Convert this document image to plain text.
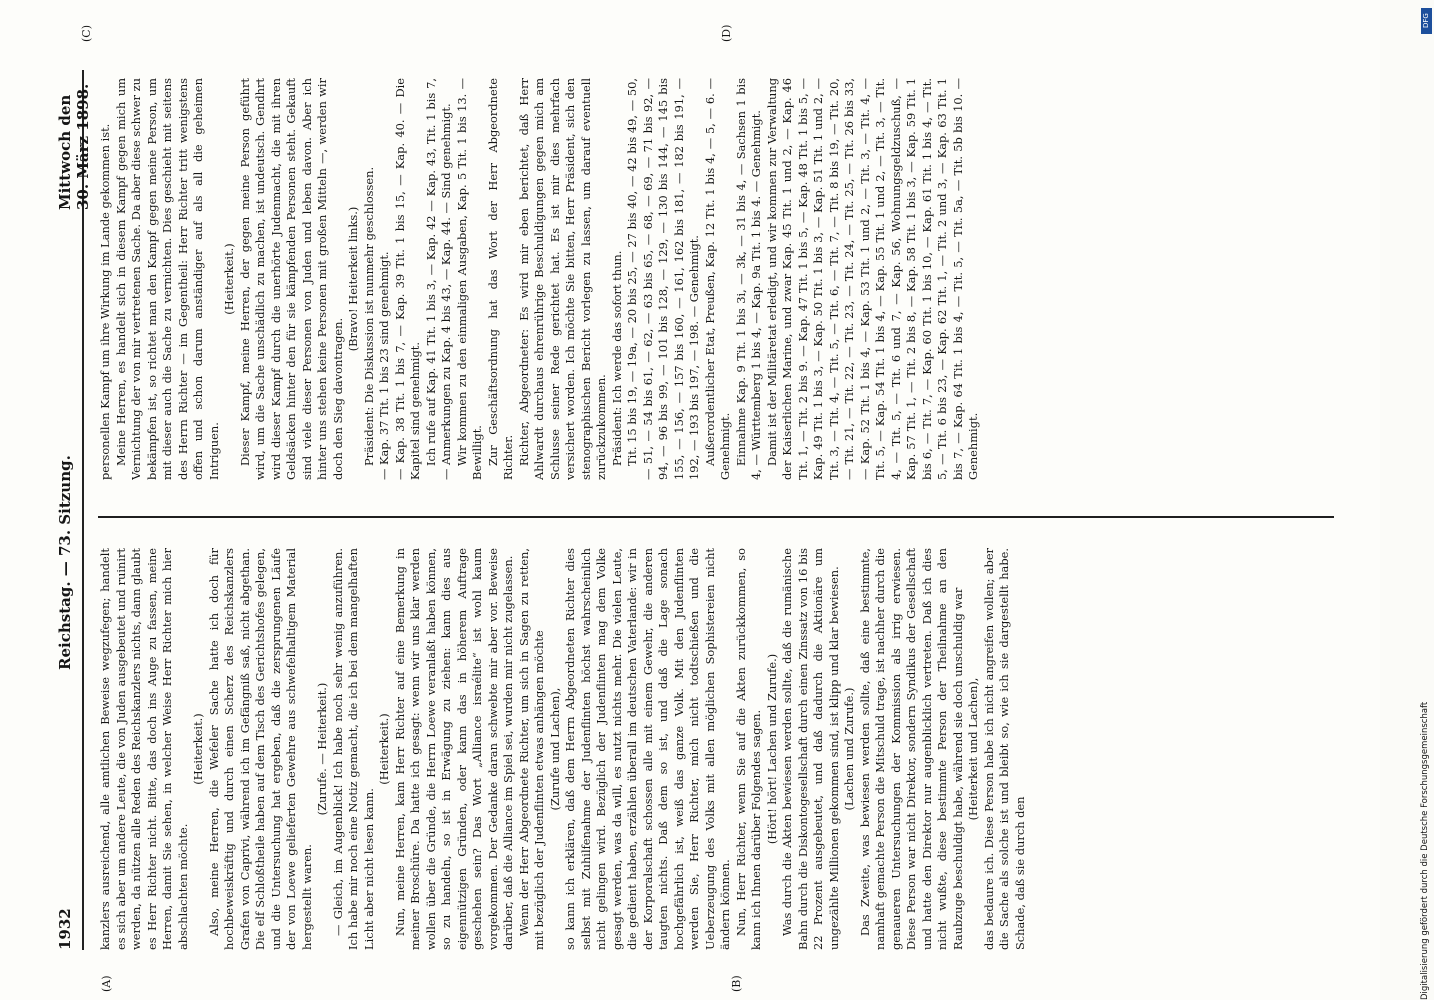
1932
Reichstag. — 73. Sitzung.
Mittwoch den 30. März 1898.
(A)	(B)
(C)	(D)

kanzlers ausreichend, alle amtlichen Beweise wegzufegen; handelt es sich aber um andere Leute, die von Juden ausgebeutet und ruinirt werden, da nützen alle Reden des Reichskanzlers nichts, dann glaubt es Herr Richter nicht. Bitte, das doch ins Auge zu fassen, meine Herren, damit Sie sehen, in welcher Weise Herr Richter mich hier abschlachten möchte.

(Heiterkeit.) Also, meine Herren, die Wefeler Sache hatte ich doch für hochbeweiskräftig und durch einen Scherz des Reichskanzlers Grafen von Caprivi, während ich im Gefängniß saß, nicht abgethan. Die elf Schloßtheile haben auf dem Tisch des Gerichtshofes gelegen, und die Untersuchung hat ergeben, daß die zersprungenen Läufe der von Loewe gelieferten Gewehre aus schwefelhaltigem Material hergestellt waren.

(Zurufe. — Heiterkeit.) — Gleich, im Augenblick! Ich habe noch sehr wenig anzuführen. Ich habe mir noch eine Notiz gemacht, die ich bei dem mangelhaften Licht aber nicht lesen kann.

(Heiterkeit.) Nun, meine Herren, kam Herr Richter auf eine Bemerkung in meiner Broschüre. Da hatte ich gesagt: wenn wir uns klar werden wollen über die Gründe, die Herrn Loewe veranlaßt haben können, so zu handeln, so ist in Erwägung zu ziehen: kann dies aus eigennützigen Gründen, oder kann das in höherem Auftrage geschehen sein? Das Wort „Alliance israélite“ ist wohl kaum vorgekommen. Der Gedanke daran schwebte mir aber vor. Beweise darüber, daß die Alliance im Spiel sei, wurden mir nicht zugelassen. Wenn der Herr Abgeordnete Richter, um sich in Sagen zu retten, mit bezüglich der Judenflinten etwas anhängen möchte (Zurufe und Lachen), so kann ich erklären, daß dem Herrn Abgeordneten Richter dies selbst mit Zuhilfenahme der Judenflinten höchst wahrscheinlich nicht gelingen wird. Bezüglich der Judenflinten mag dem Volke gesagt werden, was da will, es nutzt nichts mehr. Die vielen Leute, die gedient haben, erzählen überall im deutschen Vaterlande: wir in der Korporalschaft schossen alle mit einem Gewehr, die anderen taugten nichts. Daß dem so ist, und daß die Lage sonach hochgefährlich ist, weiß das ganze Volk. Mit den Judenflinten werden Sie, Herr Richter, mich nicht todtschießen und die Ueberzeugung des Volks mit allen möglichen Sophistereien nicht ändern können. Nun, Herr Richter, wenn Sie auf die Akten zurückkommen, so kann ich Ihnen darüber Folgendes sagen. (Hört! hört! Lachen und Zurufe.) Was durch die Akten bewiesen werden sollte, daß die rumänische Bahn durch die Diskontogesellschaft durch einen Zinssatz von 16 bis 22 Prozent ausgebeutet, und daß dadurch die Aktionäre um ungezählte Millionen gekommen sind, ist klipp und klar bewiesen. (Lachen und Zurufe.) Das Zweite, was bewiesen werden sollte, daß eine bestimmte, namhaft gemachte Person die Mitschuld trage, ist nachher durch die genaueren Untersuchungen der Kommission als irrig erwiesen. Diese Person war nicht Direktor, sondern Syndikus der Gesellschaft und hatte den Direktor nur augenblicklich vertreten. Daß ich dies nicht wußte, diese bestimmte Person der Theilnahme an den Raubzuge beschuldigt habe, während sie doch unschuldig war (Heiterkeit und Lachen), das bedaure ich. Diese Person habe ich nicht angreifen wollen; aber die Sache als solche ist und bleibt so, wie ich sie dargestellt habe. Schade, daß sie durch den

personellen Kampf um ihre Wirkung im Lande gekommen ist. Meine Herren, es handelt sich in diesem Kampf gegen mich um Vernichtung der von mir vertretenen Sache. Da aber diese schwer zu bekämpfen ist, so richtet man den Kampf gegen meine Person, um mit dieser auch die Sache zu vernichten. Dies geschieht mit seitens des Herrn Richter — im Gegentheil: Herr Richter tritt wenigstens offen und schon darum anständiger auf als all die geheimen Intriguen.

(Heiterkeit.) Dieser Kampf, meine Herren, der gegen meine Person geführt wird, um die Sache unschädlich zu machen, ist undeutsch. Gendhrt wird dieser Kampf durch die unerhörte Judenmacht, die mit ihren Geldsäcken hinter den für sie kämpfenden Personen steht. Gekauft sind viele dieser Personen von Juden und leben davon. Aber ich hinter uns stehen keine Personen mit großen Mitteln —, werden wir doch den Sieg davontragen.

(Bravo! Heiterkeit links.) Präsident: Die Diskussion ist nunmehr geschlossen. — Kap. 37 Tit. 1 bis 23 sind genehmigt. — Kap. 38 Tit. 1 bis 7, — Kap. 39 Tit. 1 bis 15, — Kap. 40. — Die Kapitel sind genehmigt. Ich rufe auf Kap. 41 Tit. 1 bis 3, — Kap. 42 — Kap. 43, Tit. 1 bis 7, — Anmerkungen zu Kap. 4 bis 43, — Kap. 44. — Sind genehmigt. Wir kommen zu den einmaligen Ausgaben, Kap. 5 Tit. 1 bis 13. — Bewilligt. Zur Geschäftsordnung hat das Wort der Herr Abgeordnete Richter. Richter, Abgeordneter: Es wird mir eben berichtet, daß Herr Ahlwardt durchaus ehrenrührige Beschuldigungen gegen mich am Schlusse seiner Rede gerichtet hat. Es ist mir dies mehrfach versichert worden. Ich möchte Sie bitten, Herr Präsident, sich den stenographischen Bericht vorlegen zu lassen, um darauf eventuell zurückzukommen. Präsident: Ich werde das sofort thun. Tit. 15 bis 19, — 19a, — 20 bis 25, — 27 bis 40, — 42 bis 49, — 50, — 51, — 54 bis 61, — 62, — 63 bis 65, — 68, — 69, — 71 bis 92, — 94, — 96 bis 99, — 101 bis 128, — 129, — 130 bis 144, — 145 bis 155, — 156, — 157 bis 160, — 161, 162 bis 181, — 182 bis 191, — 192, — 193 bis 197, — 198. — Genehmigt. Außerordentlicher Etat, Preußen, Kap. 12 Tit. 1 bis 4, — 5, — 6. — Genehmigt. Einnahme Kap. 9 Tit. 1 bis 3i, — 3k, — 31 bis 4, — Sachsen 1 bis 4, — Württemberg 1 bis 4, — Kap. 9a Tit. 1 bis 4. — Genehmigt. Damit ist der Militäretat erledigt, und wir kommen zur Verwaltung der Kaiserlichen Marine, und zwar Kap. 45 Tit. 1 und 2, — Kap. 46 Tit. 1, — Tit. 2 bis 9. — Kap. 47 Tit. 1 bis 5, — Kap. 48 Tit. 1 bis 5, — Kap. 49 Tit. 1 bis 3, — Kap. 50 Tit. 1 bis 3, — Kap. 51 Tit. 1 und 2, — Tit. 3, — Tit. 4, — Tit. 5, — Tit. 6, — Tit. 7, — Tit. 8 bis 19, — Tit. 20, — Tit. 21, — Tit. 22, — Tit. 23, — Tit. 24, — Tit. 25, — Tit. 26 bis 33, — Kap. 52 Tit. 1 bis 4, — Kap. 53 Tit. 1 und 2, — Tit. 3, — Tit. 4, — Tit. 5, — Kap. 54 Tit. 1 bis 4, — Kap. 55 Tit. 1 und 2, — Tit. 3, — Tit. 4, — Tit. 5, — Tit. 6 und 7, — Kap. 56, Wohnungsgeldzuschuß, — Kap. 57 Tit. 1, — Tit. 2 bis 8, — Kap. 58 Tit. 1 bis 3, — Kap. 59 Tit. 1 bis 6, — Tit. 7, — Kap. 60 Tit. 1 bis 10, — Kap. 61 Tit. 1 bis 4, — Tit. 5, — Tit. 6 bis 23, — Kap. 62 Tit. 1, — Tit. 2 und 3, — Kap. 63 Tit. 1 bis 7, — Kap. 64 Tit. 1 bis 4, — Tit. 5, — Tit. 5a, — Tit. 5b bis 10. — Genehmigt.

Digitalisierung gefördert durch die Deutsche Forschungsgemeinschaft
DFG
